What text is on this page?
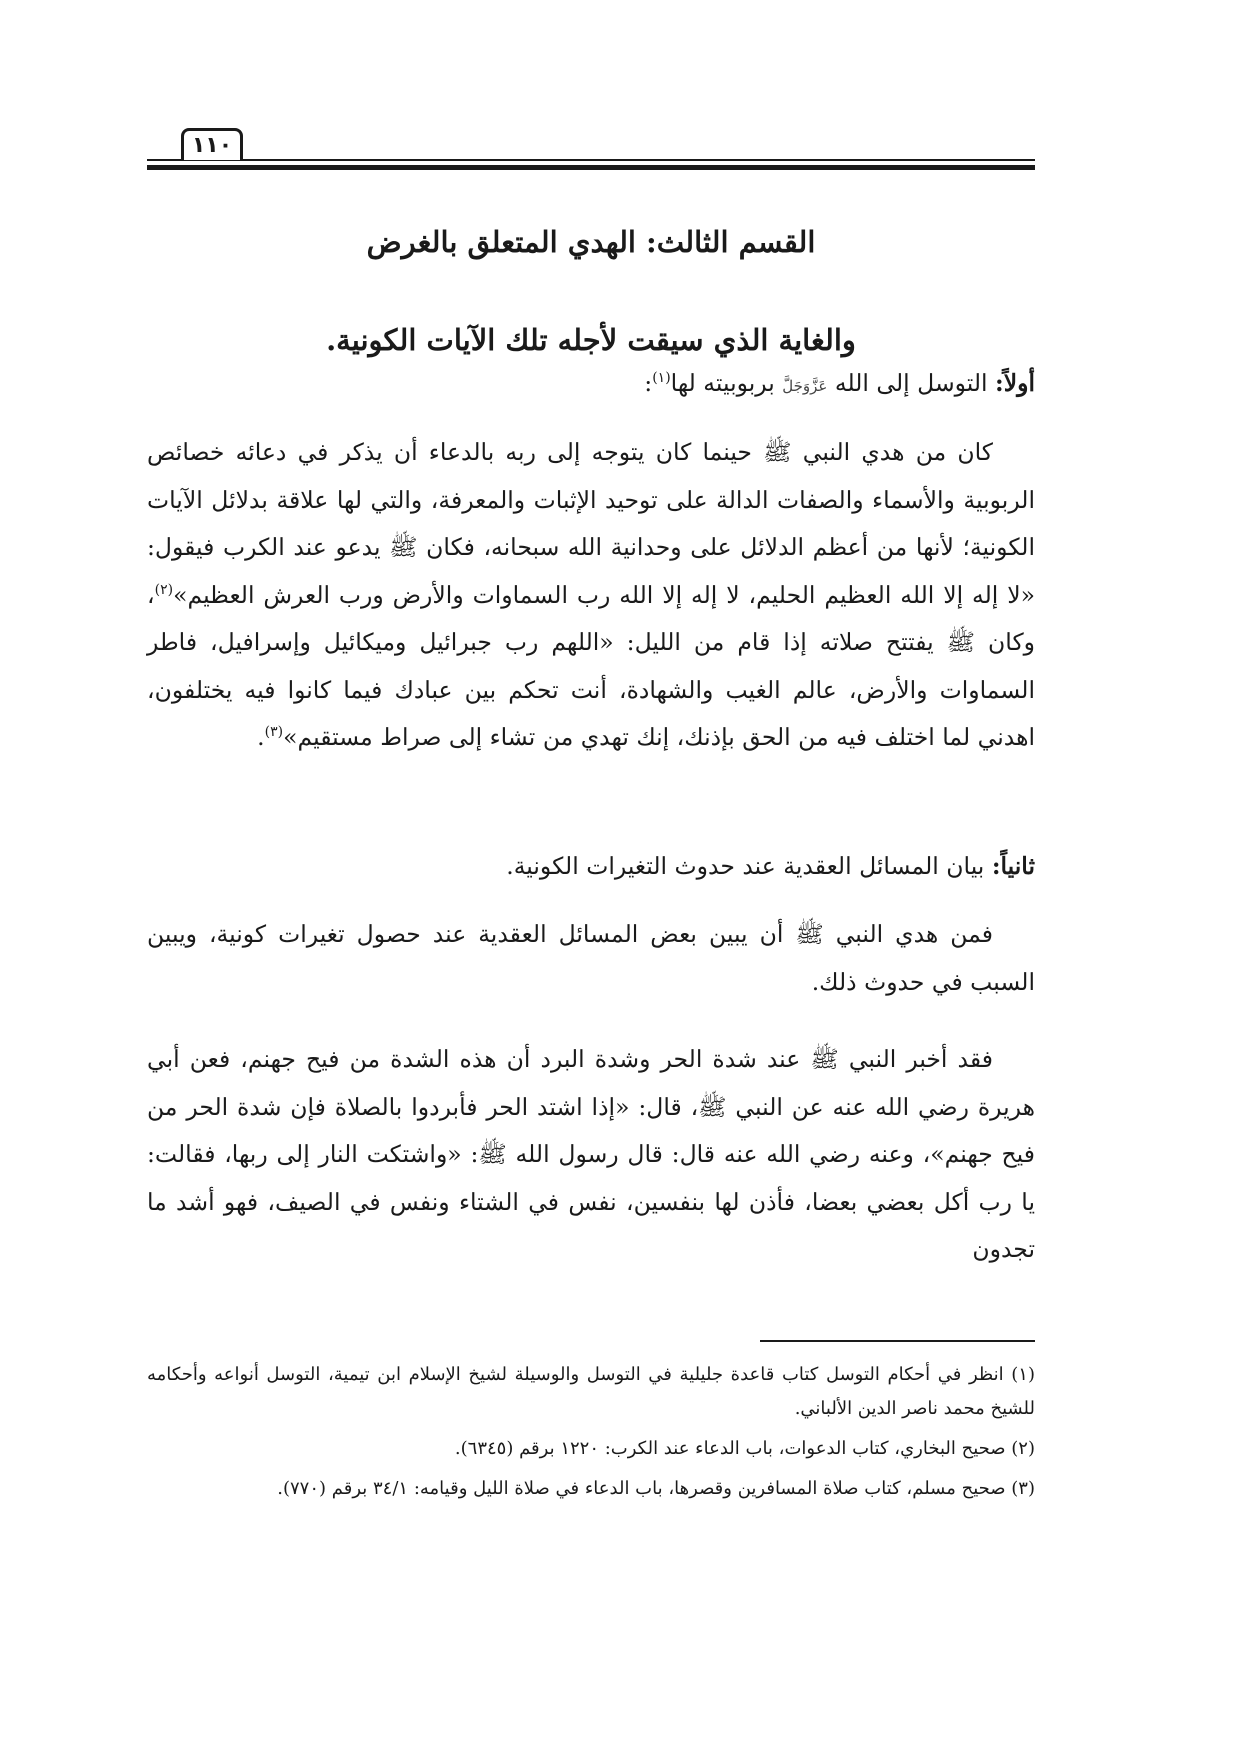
١١٠
القسم الثالث: الهدي المتعلق بالغرض
والغاية الذي سيقت لأجله تلك الآيات الكونية.
أولاً: التوسل إلى الله عَزَّوَجَلَّ بربوبيته لها$^{(١)}$:
كان من هدي النبي ﷺ حينما كان يتوجه إلى ربه بالدعاء أن يذكر في دعائه خصائص الربوبية والأسماء والصفات الدالة على توحيد الإثبات والمعرفة، والتي لها علاقة بدلائل الآيات الكونية؛ لأنها من أعظم الدلائل على وحدانية الله سبحانه، فكان ﷺ يدعو عند الكرب فيقول: «لا إله إلا الله العظيم الحليم، لا إله إلا الله رب السماوات والأرض ورب العرش العظيم»$^{(٢)}$، وكان ﷺ يفتتح صلاته إذا قام من الليل: «اللهم رب جبرائيل وميكائيل وإسرافيل، فاطر السماوات والأرض، عالم الغيب والشهادة، أنت تحكم بين عبادك فيما كانوا فيه يختلفون، اهدني لما اختلف فيه من الحق بإذنك، إنك تهدي من تشاء إلى صراط مستقيم»$^{(٣)}$.
ثانياً: بيان المسائل العقدية عند حدوث التغيرات الكونية.
فمن هدي النبي ﷺ أن يبين بعض المسائل العقدية عند حصول تغيرات كونية، ويبين السبب في حدوث ذلك.
فقد أخبر النبي ﷺ عند شدة الحر وشدة البرد أن هذه الشدة من فيح جهنم، فعن أبي هريرة رضي الله عنه عن النبي ﷺ، قال: «إذا اشتد الحر فأبردوا بالصلاة فإن شدة الحر من فيح جهنم»، وعنه رضي الله عنه قال: قال رسول الله ﷺ: «واشتكت النار إلى ربها، فقالت: يا رب أكل بعضي بعضا، فأذن لها بنفسين، نفس في الشتاء ونفس في الصيف، فهو أشد ما تجدون

(١) انظر في أحكام التوسل كتاب قاعدة جليلية في التوسل والوسيلة لشيخ الإسلام ابن تيمية، التوسل أنواعه وأحكامه للشيخ محمد ناصر الدين الألباني.

(٢) صحيح البخاري، كتاب الدعوات، باب الدعاء عند الكرب: ١٢٢٠ برقم (٦٣٤٥).

(٣) صحيح مسلم، كتاب صلاة المسافرين وقصرها، باب الدعاء في صلاة الليل وقيامه: ٣٤/١ برقم (٧٧٠).
